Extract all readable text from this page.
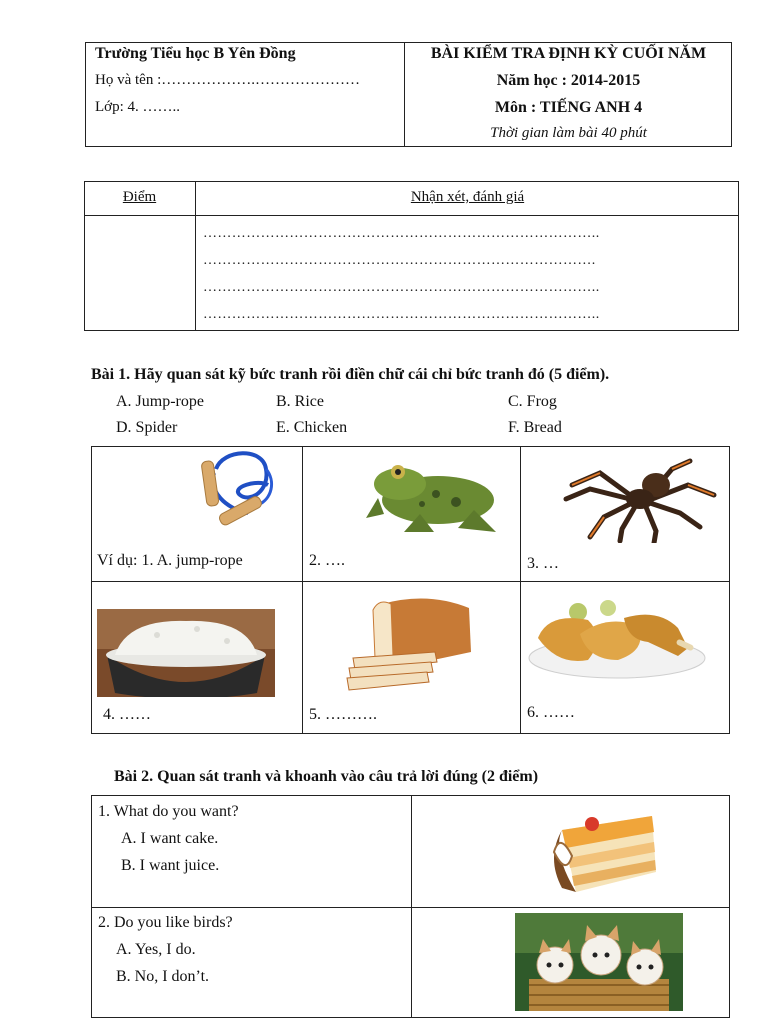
Trường Tiểu học B Yên Đồng
Họ và tên :……………….…………………
Lớp: 4. ……..
BÀI KIỂM TRA ĐỊNH KỲ CUỐI NĂM
Năm học : 2014-2015
Môn : TIẾNG ANH 4
Thời gian làm bài 40 phút
Điểm	Nhận xét, đánh giá
………………………………………………………………………..
……………………………………………………………………….
………………………………………………………………………..
………………………………………………………………………..
Bài 1. Hãy quan sát kỹ bức tranh rồi điền chữ cái chỉ bức tranh đó (5 điểm).
A. Jump-rope	B. Rice	C. Frog
D. Spider	E. Chicken	F. Bread
Ví dụ: 1. A. jump-rope	2. ….	3. …
4. ……	5. ……….	6. ……
Bài 2. Quan sát tranh và khoanh vào câu trả lời đúng (2 điểm)
1. What do you want?
A. I want cake.
B. I want juice.
2. Do you like birds?
A. Yes, I do.
B. No, I don’t.
